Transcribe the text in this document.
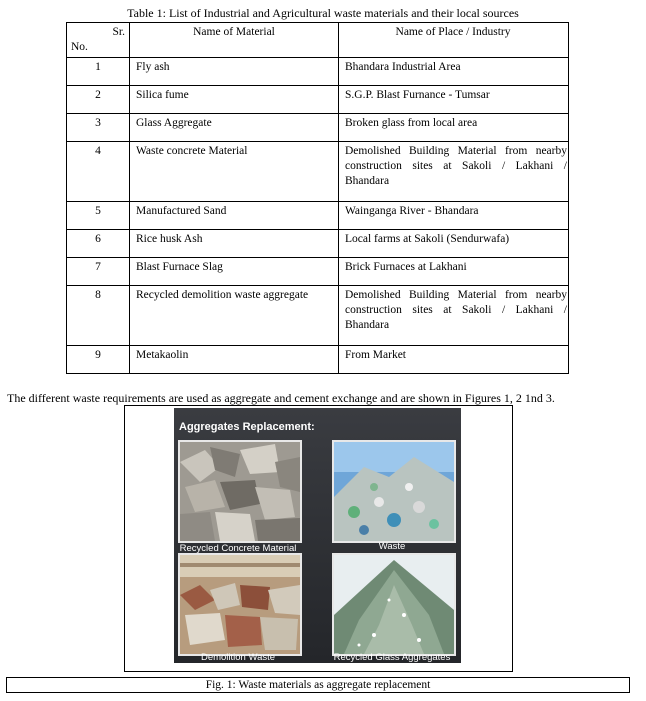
Table 1: List of Industrial and Agricultural waste materials and their local sources
Sr.
No.	Name of Material	Name of Place / Industry
1	Fly ash	Bhandara Industrial Area
2	Silica fume	S.G.P. Blast Furnance - Tumsar
3	Glass Aggregate	Broken glass from local area
4	Waste concrete Material	Demolished Building Material from nearby construction sites at Sakoli / Lakhani / Bhandara
5	Manufactured Sand	Wainganga River - Bhandara
6	Rice husk Ash	Local farms at Sakoli (Sendurwafa)
7	Blast Furnace Slag	Brick Furnaces at Lakhani
8	Recycled demolition waste aggregate	Demolished Building Material from nearby construction sites at Sakoli / Lakhani / Bhandara
9	Metakaolin	From Market
The different waste requirements are used as aggregate and cement exchange and are shown in Figures 1, 2 1nd 3.
Aggregates Replacement:
Recycled Concrete Material	Waste
Demolition Waste	Recycled Glass Aggregates
Fig. 1: Waste materials as aggregate replacement
